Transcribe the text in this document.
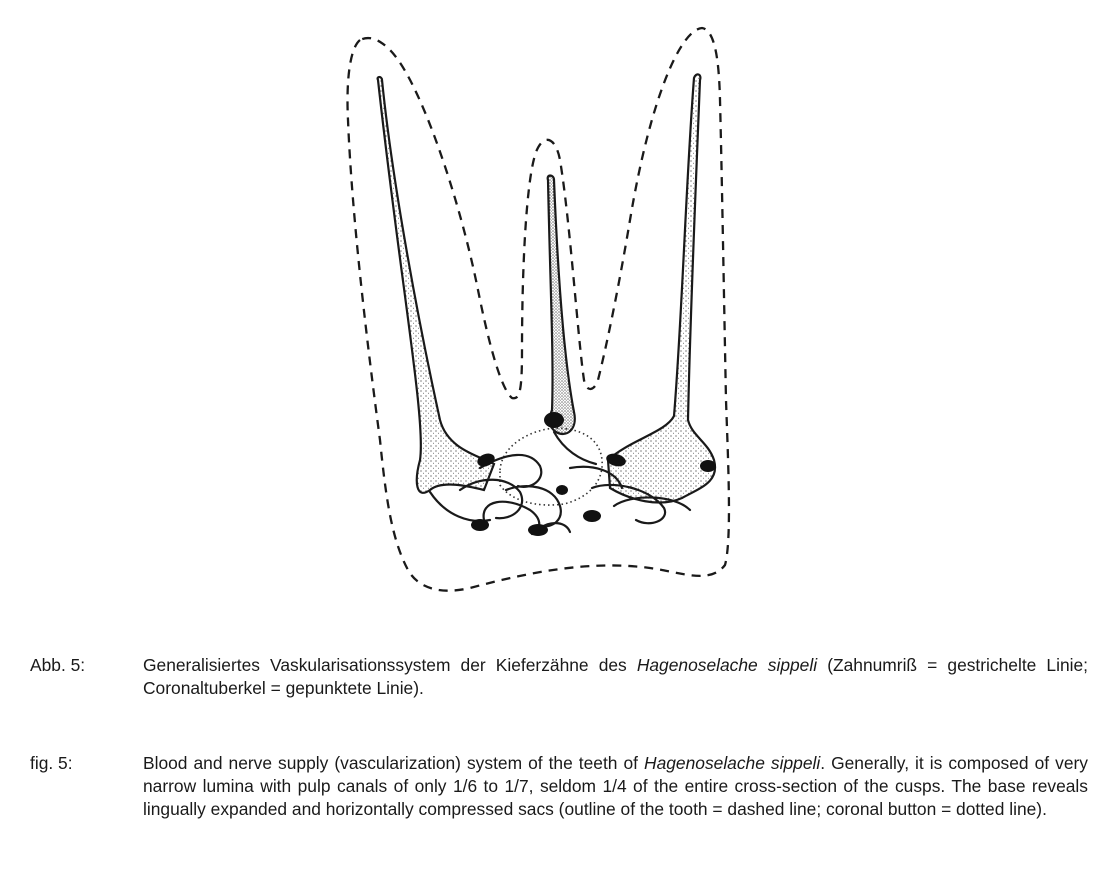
Abb. 5:	Generalisiertes Vaskularisationssystem der Kieferzähne des Hagenoselache sippeli (Zahnumriß = gestrichelte Linie; Coronaltuberkel = gepunktete Linie).
fig. 5:	Blood and nerve supply (vascularization) system of the teeth of Hagenoselache sippeli. Generally, it is composed of very narrow lumina with pulp canals of only 1/6 to 1/7, seldom 1/4 of the entire cross-section of the cusps. The base reveals lingually expanded and horizontally compressed sacs (outline of the tooth = dashed line; coronal button = dotted line).
